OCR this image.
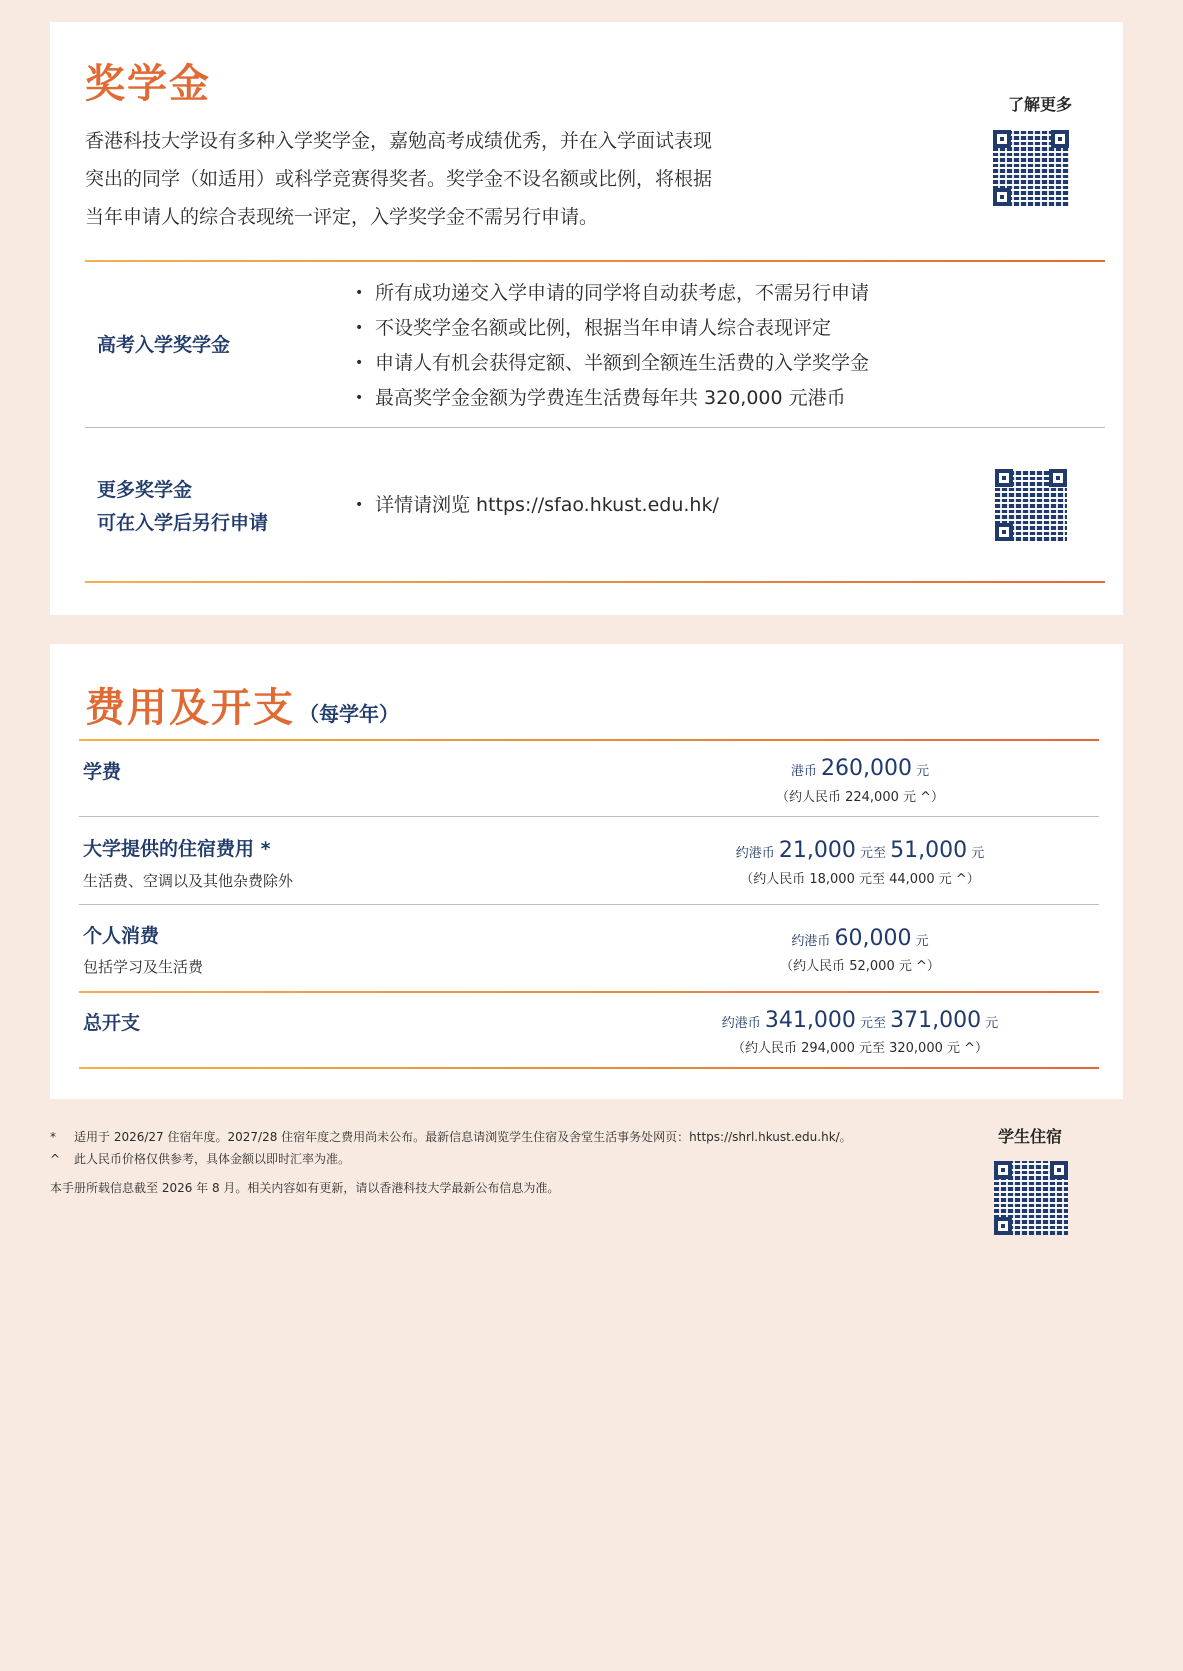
奖学金
香港科技大学设有多种入学奖学金，嘉勉高考成绩优秀，并在入学面试表现
突出的同学（如适用）或科学竞赛得奖者。奖学金不设名额或比例，将根据
当年申请人的综合表现统一评定，入学奖学金不需另行申请。
了解更多
高考入学奖学金
• 所有成功递交入学申请的同学将自动获考虑，不需另行申请
• 不设奖学金名额或比例，根据当年申请人综合表现评定
• 申请人有机会获得定额、半额到全额连生活费的入学奖学金
• 最高奖学金金额为学费连生活费每年共 320,000 元港币
更多奖学金
可在入学后另行申请
• 详情请浏览 https://sfao.hkust.edu.hk/
费用及开支 （每学年）
学费	港币 260,000 元
（约人民币 224,000 元 ^）
大学提供的住宿费用 *
生活费、空调以及其他杂费除外
约港币 21,000 元至 51,000 元
（约人民币 18,000 元至 44,000 元 ^）
个人消费
包括学习及生活费
约港币 60,000 元
（约人民币 52,000 元 ^）
总开支	约港币 341,000 元至 371,000 元
（约人民币 294,000 元至 320,000 元 ^）
* 适用于 2026/27 住宿年度。2027/28 住宿年度之费用尚未公布。最新信息请浏览学生住宿及舍堂生活事务处网页：https://shrl.hkust.edu.hk/。
^ 此人民币价格仅供参考，具体金额以即时汇率为准。
本手册所载信息截至 2026 年 8 月。相关内容如有更新，请以香港科技大学最新公布信息为准。
学生住宿
